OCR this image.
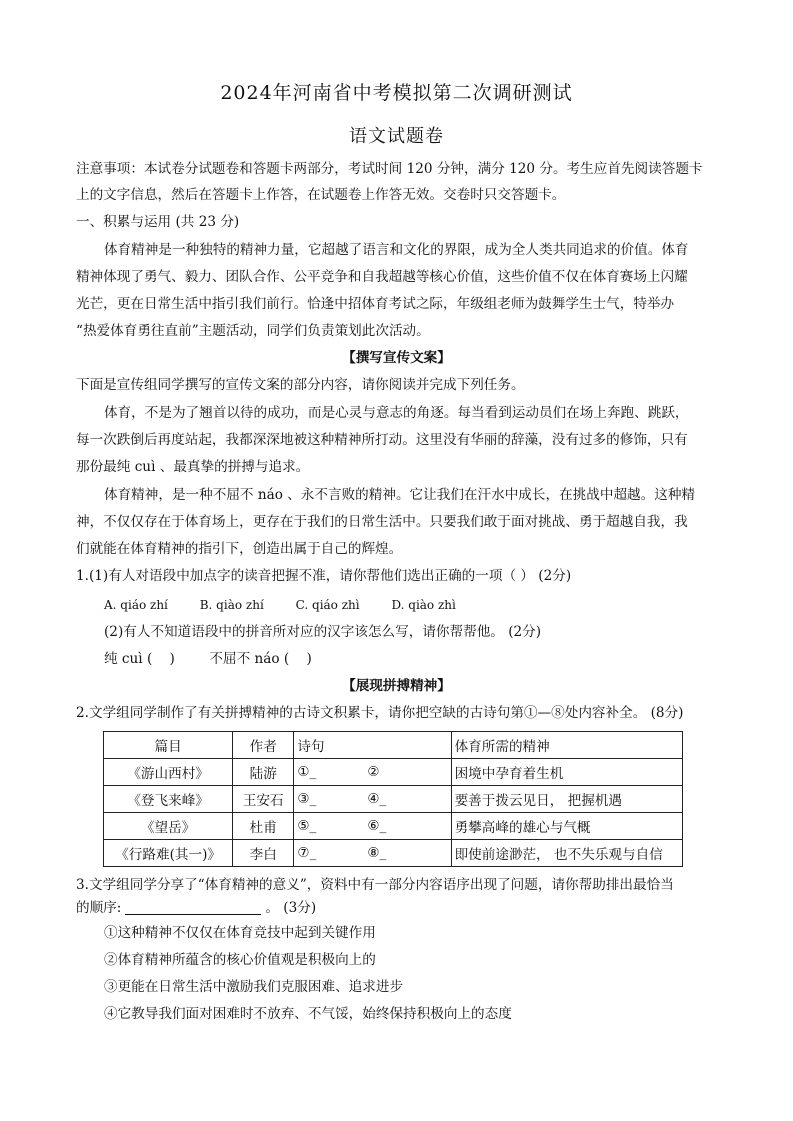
2024年河南省中考模拟第二次调研测试
语文试题卷
注意事项：本试卷分试题卷和答题卡两部分，考试时间 120 分钟，满分 120 分。考生应首先阅读答题卡
上的文字信息，然后在答题卡上作答，在试题卷上作答无效。交卷时只交答题卡。
一、积累与运用 (共 23 分)
体育精神是一种独特的精神力量，它超越了语言和文化的界限，成为全人类共同追求的价值。体育
精神体现了勇气、毅力、团队合作、公平竞争和自我超越等核心价值，这些价值不仅在体育赛场上闪耀
光芒，更在日常生活中指引我们前行。恰逢中招体育考试之际，年级组老师为鼓舞学生士气，特举办
“热爱体育勇往直前”主题活动，同学们负责策划此次活动。
【撰写宣传文案】
下面是宣传组同学撰写的宣传文案的部分内容，请你阅读并完成下列任务。
体育，不是为了翘首以待的成功，而是心灵与意志的角逐。每当看到运动员们在场上奔跑、跳跃，
每一次跌倒后再度站起，我都深深地被这种精神所打动。这里没有华丽的辞藻，没有过多的修饰，只有
那份最纯 cuì 、最真挚的拼搏与追求。
体育精神，是一种不屈不 náo 、永不言败的精神。它让我们在汗水中成长，在挑战中超越。这种精
神，不仅仅存在于体育场上，更存在于我们的日常生活中。只要我们敢于面对挑战、勇于超越自我，我
们就能在体育精神的指引下，创造出属于自己的辉煌。
1.(1)有人对语段中加点字的读音把握不准，请你帮他们选出正确的一项（ ） (2分)
A. qiáo zhí	B. qiào zhí	C. qiáo zhì	D. qiào zhì
(2)有人不知道语段中的拼音所对应的汉字该怎么写，请你帮帮他。 (2分)
纯 cuì (    )        不屈不 náo (    )
【展现拼搏精神】
2.文学组同学制作了有关拼搏精神的古诗文积累卡，请你把空缺的古诗句第①—⑧处内容补全。 (8分)
篇目	作者	诗句	体育所需的精神
《游山西村》	陆游	①_ ②	困境中孕育着生机
《登飞来峰》	王安石	③_ ④_	要善于拨云见日， 把握机遇
《望岳》	杜甫	⑤_ ⑥_	勇攀高峰的雄心与气概
《行路难(其一)》	李白	⑦_ ⑧_	即使前途渺茫， 也不失乐观与自信
3.文学组同学分享了“体育精神的意义”，资料中有一部分内容语序出现了问题，请你帮助排出最恰当
的顺序:	。 (3分)
①这种精神不仅仅在体育竞技中起到关键作用
②体育精神所蕴含的核心价值观是积极向上的
③更能在日常生活中激励我们克服困难、追求进步
④它教导我们面对困难时不放弃、不气馁，始终保持积极向上的态度
